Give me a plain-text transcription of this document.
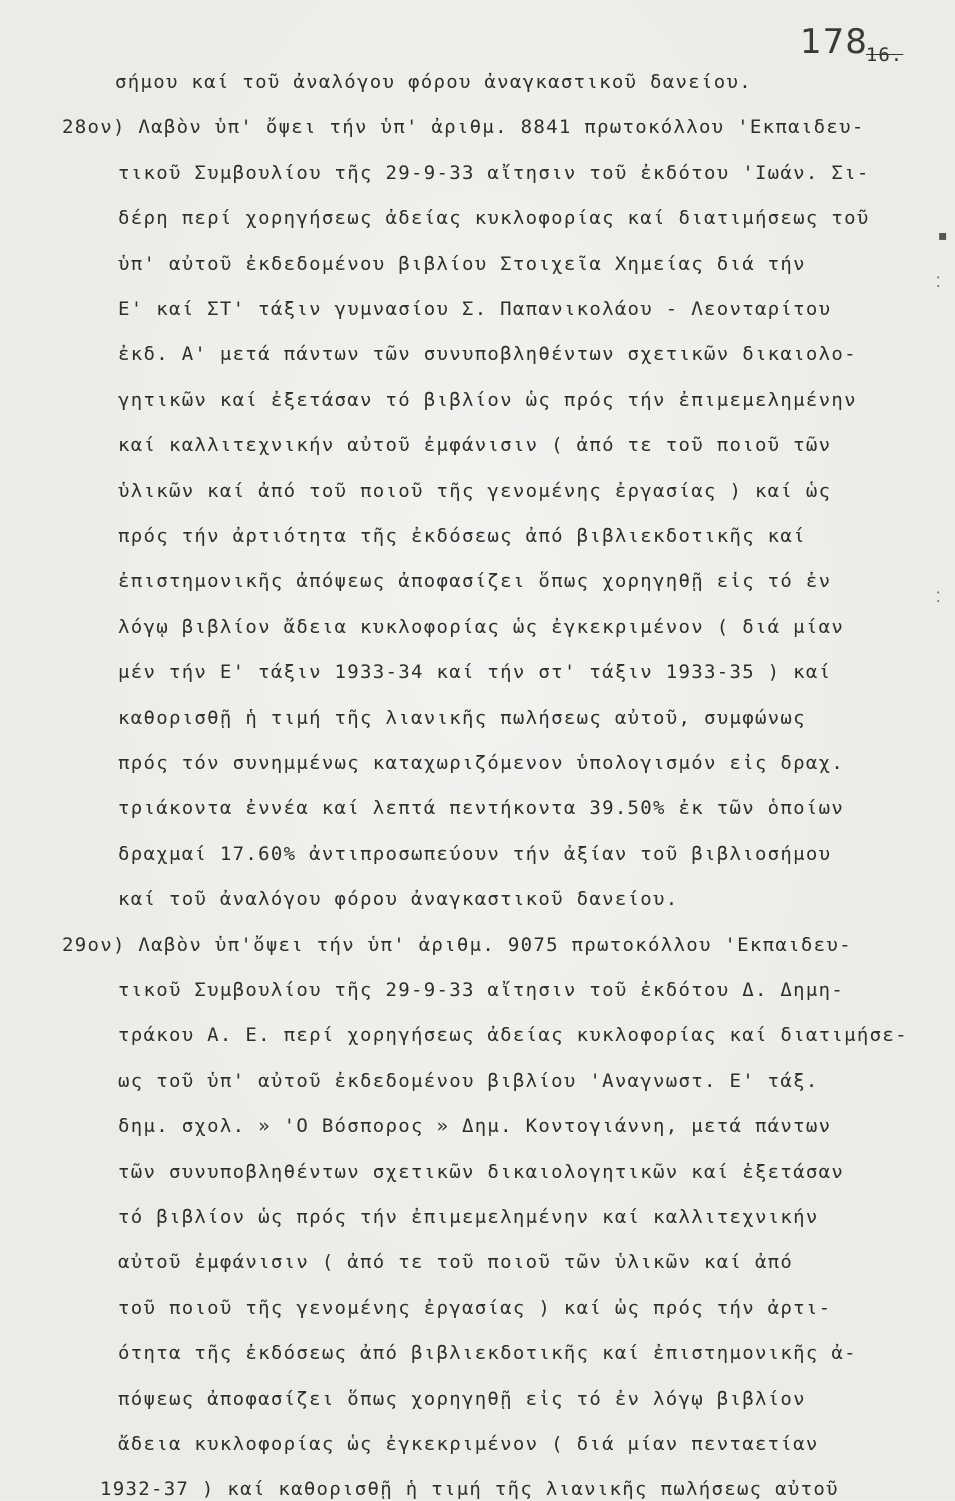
$178_{16.}$
σήμου καί τοῦ ἀναλόγου φόρου ἀναγκαστικοῦ δανείου.
28ον) Λαβὸν ὑπ' ὄψει τήν ὑπ' ἀριθμ. 8841 πρωτοκόλλου 'Εκπαιδευ-
τικοῦ Συμβουλίου τῆς 29-9-33 αἴτησιν τοῦ ἐκδότου 'Ιωάν. Σι-
δέρη περί χορηγήσεως ἀδείας κυκλοφορίας καί διατιμήσεως τοῦ
ὑπ' αὐτοῦ ἐκδεδομένου βιβλίου Στοιχεῖα Χημείας διά τήν
Ε' καί ΣΤ' τάξιν γυμνασίου Σ. Παπανικολάου - Λεονταρίτου
ἐκδ. Α' μετά πάντων τῶν συνυποβληθέντων σχετικῶν δικαιολο-
γητικῶν καί ἐξετάσαν τό βιβλίον ὡς πρός τήν ἐπιμεμελημένην
καί καλλιτεχνικήν αὐτοῦ ἐμφάνισιν ( ἀπό τε τοῦ ποιοῦ τῶν
ὑλικῶν καί ἀπό τοῦ ποιοῦ τῆς γενομένης ἐργασίας ) καί ὡς
πρός τήν ἀρτιότητα τῆς ἐκδόσεως ἀπό βιβλιεκδοτικῆς καί
ἐπιστημονικῆς ἀπόψεως ἀποφασίζει ὅπως χορηγηθῇ εἰς τό ἐν
λόγῳ βιβλίον ἄδεια κυκλοφορίας ὡς ἐγκεκριμένον ( διά μίαν
μέν τήν Ε' τάξιν 1933-34 καί τήν στ' τάξιν 1933-35 ) καί
καθορισθῇ ἡ τιμή τῆς λιανικῆς πωλήσεως αὐτοῦ, συμφώνως
πρός τόν συνημμένως καταχωριζόμενον ὑπολογισμόν εἰς δραχ.
τριάκοντα ἐννέα καί λεπτά πεντήκοντα 39.50% ἐκ τῶν ὁποίων
δραχμαί 17.60% ἀντιπροσωπεύουν τήν ἀξίαν τοῦ βιβλιοσήμου
καί τοῦ ἀναλόγου φόρου ἀναγκαστικοῦ δανείου.
29ον) Λαβὸν ὑπ'ὄψει τήν ὑπ' ἀριθμ. 9075 πρωτοκόλλου 'Εκπαιδευ-
τικοῦ Συμβουλίου τῆς 29-9-33 αἴτησιν τοῦ ἐκδότου Δ. Δημη-
τράκου Α. Ε. περί χορηγήσεως ἀδείας κυκλοφορίας καί διατιμήσε-
ως τοῦ ὑπ' αὐτοῦ ἐκδεδομένου βιβλίου 'Αναγνωστ. Ε' τάξ.
δημ. σχολ. » 'Ο Βόσπορος » Δημ. Κοντογιάννη, μετά πάντων
τῶν συνυποβληθέντων σχετικῶν δικαιολογητικῶν καί ἐξετάσαν
τό βιβλίον ὡς πρός τήν ἐπιμεμελημένην καί καλλιτεχνικήν
αὐτοῦ ἐμφάνισιν ( ἀπό τε τοῦ ποιοῦ τῶν ὑλικῶν καί ἀπό
τοῦ ποιοῦ τῆς γενομένης ἐργασίας ) καί ὡς πρός τήν ἀρτι-
ότητα τῆς ἐκδόσεως ἀπό βιβλιεκδοτικῆς καί ἐπιστημονικῆς ἀ-
πόψεως ἀποφασίζει ὅπως χορηγηθῇ εἰς τό ἐν λόγῳ βιβλίον
ἄδεια κυκλοφορίας ὡς ἐγκεκριμένον ( διά μίαν πενταετίαν
1932-37 ) καί καθορισθῇ ἡ τιμή τῆς λιανικῆς πωλήσεως αὐτοῦ
▪
⁚
⁚
